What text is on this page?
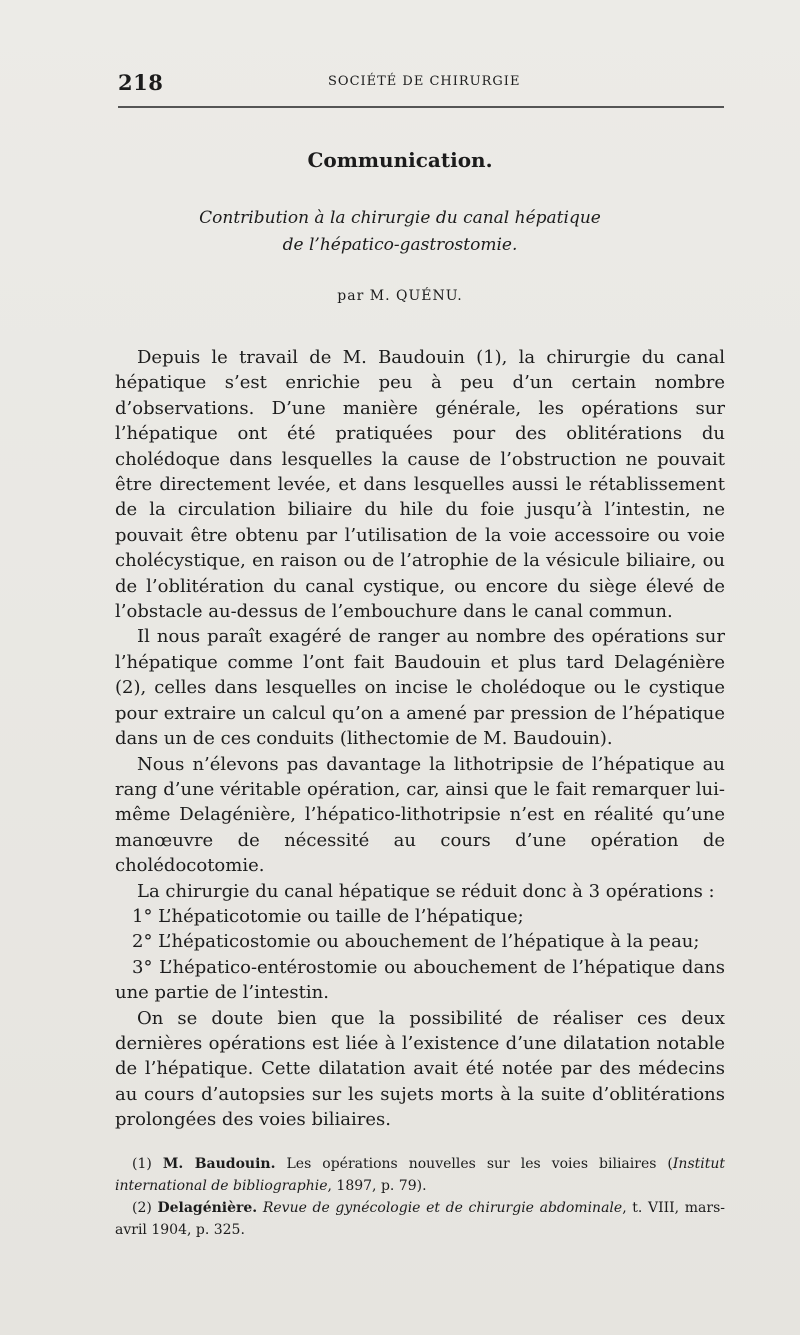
218	SOCIÉTÉ DE CHIRURGIE
Communication.
Contribution à la chirurgie du canal hépatique
de l’hépatico-gastrostomie.
par M. QUÉNU.

Depuis le travail de M. Baudouin (1), la chirurgie du canal hépatique s’est enrichie peu à peu d’un certain nombre d’observations. D’une manière générale, les opérations sur l’hépatique ont été pratiquées pour des oblitérations du cholédoque dans lesquelles la cause de l’obstruction ne pouvait être directement levée, et dans lesquelles aussi le rétablissement de la circulation biliaire du hile du foie jusqu’à l’intestin, ne pouvait être obtenu par l’utilisation de la voie accessoire ou voie cholécystique, en raison ou de l’atrophie de la vésicule biliaire, ou de l’oblitération du canal cystique, ou encore du siège élevé de l’obstacle au-dessus de l’embouchure dans le canal commun.

Il nous paraît exagéré de ranger au nombre des opérations sur l’hépatique comme l’ont fait Baudouin et plus tard Delagénière (2), celles dans lesquelles on incise le cholédoque ou le cystique pour extraire un calcul qu’on a amené par pression de l’hépatique dans un de ces conduits (lithectomie de M. Baudouin).

Nous n’élevons pas davantage la lithotripsie de l’hépatique au rang d’une véritable opération, car, ainsi que le fait remarquer lui-même Delagénière, l’hépatico-lithotripsie n’est en réalité qu’une manœuvre de nécessité au cours d’une opération de cholédocotomie.

La chirurgie du canal hépatique se réduit donc à 3 opérations :

1° L’hépaticotomie ou taille de l’hépatique;

2° L’hépaticostomie ou abouchement de l’hépatique à la peau;

3° L’hépatico-entérostomie ou abouchement de l’hépatique dans une partie de l’intestin.

On se doute bien que la possibilité de réaliser ces deux dernières opérations est liée à l’existence d’une dilatation notable de l’hépatique. Cette dilatation avait été notée par des médecins au cours d’autopsies sur les sujets morts à la suite d’oblitérations prolongées des voies biliaires.

(1) M. Baudouin. Les opérations nouvelles sur les voies biliaires (Institut international de bibliographie, 1897, p. 79).

(2) Delagénière. Revue de gynécologie et de chirurgie abdominale, t. VIII, mars-avril 1904, p. 325.
